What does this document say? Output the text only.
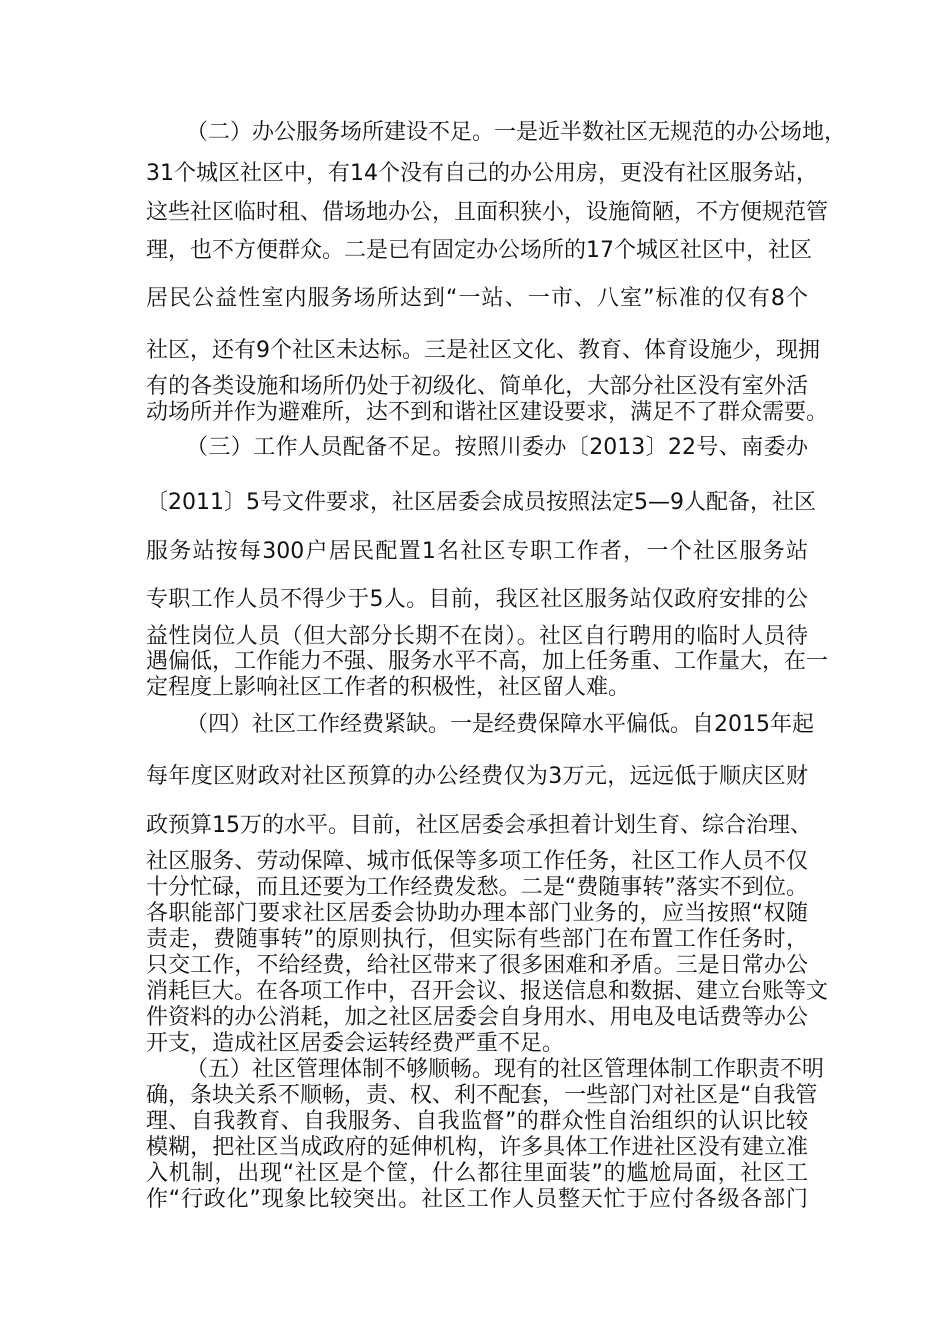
（二）办公服务场所建设不足。一是近半数社区无规范的办公场地，
31个城区社区中，有14个没有自己的办公用房，更没有社区服务站，
这些社区临时租、借场地办公，且面积狭小，设施简陋，不方便规范管
理，也不方便群众。二是已有固定办公场所的17个城区社区中，社区
居民公益性室内服务场所达到“一站、一市、八室”标准的仅有8个
社区，还有9个社区未达标。三是社区文化、教育、体育设施少，现拥
有的各类设施和场所仍处于初级化、简单化，大部分社区没有室外活
动场所并作为避难所，达不到和谐社区建设要求，满足不了群众需要。
（三）工作人员配备不足。按照川委办〔2013〕22号、南委办
〔2011〕5号文件要求，社区居委会成员按照法定5—9人配备，社区
服务站按每300户居民配置1名社区专职工作者，一个社区服务站
专职工作人员不得少于5人。目前，我区社区服务站仅政府安排的公
益性岗位人员（但大部分长期不在岗）。社区自行聘用的临时人员待
遇偏低，工作能力不强、服务水平不高，加上任务重、工作量大，在一
定程度上影响社区工作者的积极性，社区留人难。
（四）社区工作经费紧缺。一是经费保障水平偏低。自2015年起
每年度区财政对社区预算的办公经费仅为3万元，远远低于顺庆区财
政预算15万的水平。目前，社区居委会承担着计划生育、综合治理、
社区服务、劳动保障、城市低保等多项工作任务，社区工作人员不仅
十分忙碌，而且还要为工作经费发愁。二是“费随事转”落实不到位。
各职能部门要求社区居委会协助办理本部门业务的，应当按照“权随
责走，费随事转”的原则执行，但实际有些部门在布置工作任务时，
只交工作，不给经费，给社区带来了很多困难和矛盾。三是日常办公
消耗巨大。在各项工作中，召开会议、报送信息和数据、建立台账等文
件资料的办公消耗，加之社区居委会自身用水、用电及电话费等办公
开支，造成社区居委会运转经费严重不足。
（五）社区管理体制不够顺畅。现有的社区管理体制工作职责不明
确，条块关系不顺畅，责、权、利不配套，一些部门对社区是“自我管
理、自我教育、自我服务、自我监督”的群众性自治组织的认识比较
模糊，把社区当成政府的延伸机构，许多具体工作进社区没有建立准
入机制，出现“社区是个筐，什么都往里面装”的尴尬局面，社区工
作“行政化”现象比较突出。社区工作人员整天忙于应付各级各部门
